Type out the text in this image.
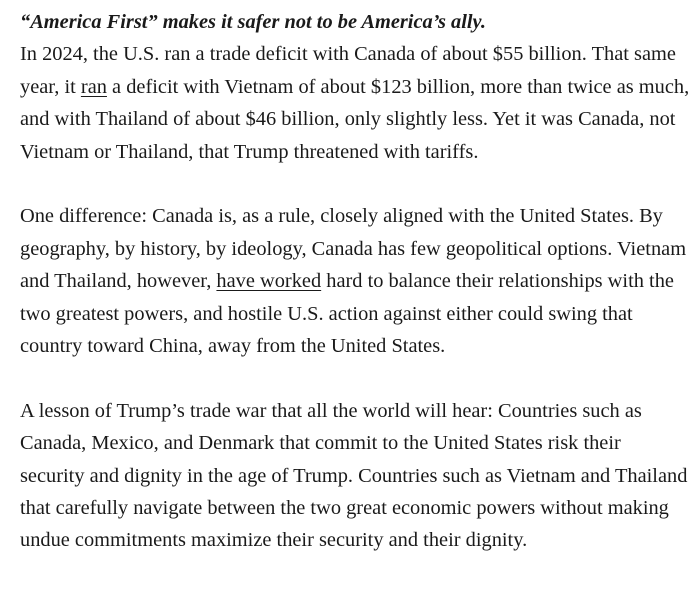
“America First” makes it safer not to be America’s ally.

In 2024, the U.S. ran a trade deficit with Canada of about $55 billion. That same year, it ran a deficit with Vietnam of about $123 billion, more than twice as much, and with Thailand of about $46 billion, only slightly less. Yet it was Canada, not Vietnam or Thailand, that Trump threatened with tariffs.

One difference: Canada is, as a rule, closely aligned with the United States. By geography, by history, by ideology, Canada has few geopolitical options. Vietnam and Thailand, however, have worked hard to balance their relationships with the two greatest powers, and hostile U.S. action against either could swing that country toward China, away from the United States.

A lesson of Trump’s trade war that all the world will hear: Countries such as Canada, Mexico, and Denmark that commit to the United States risk their security and dignity in the age of Trump. Countries such as Vietnam and Thailand that carefully navigate between the two great economic powers without making undue commitments maximize their security and their dignity.
